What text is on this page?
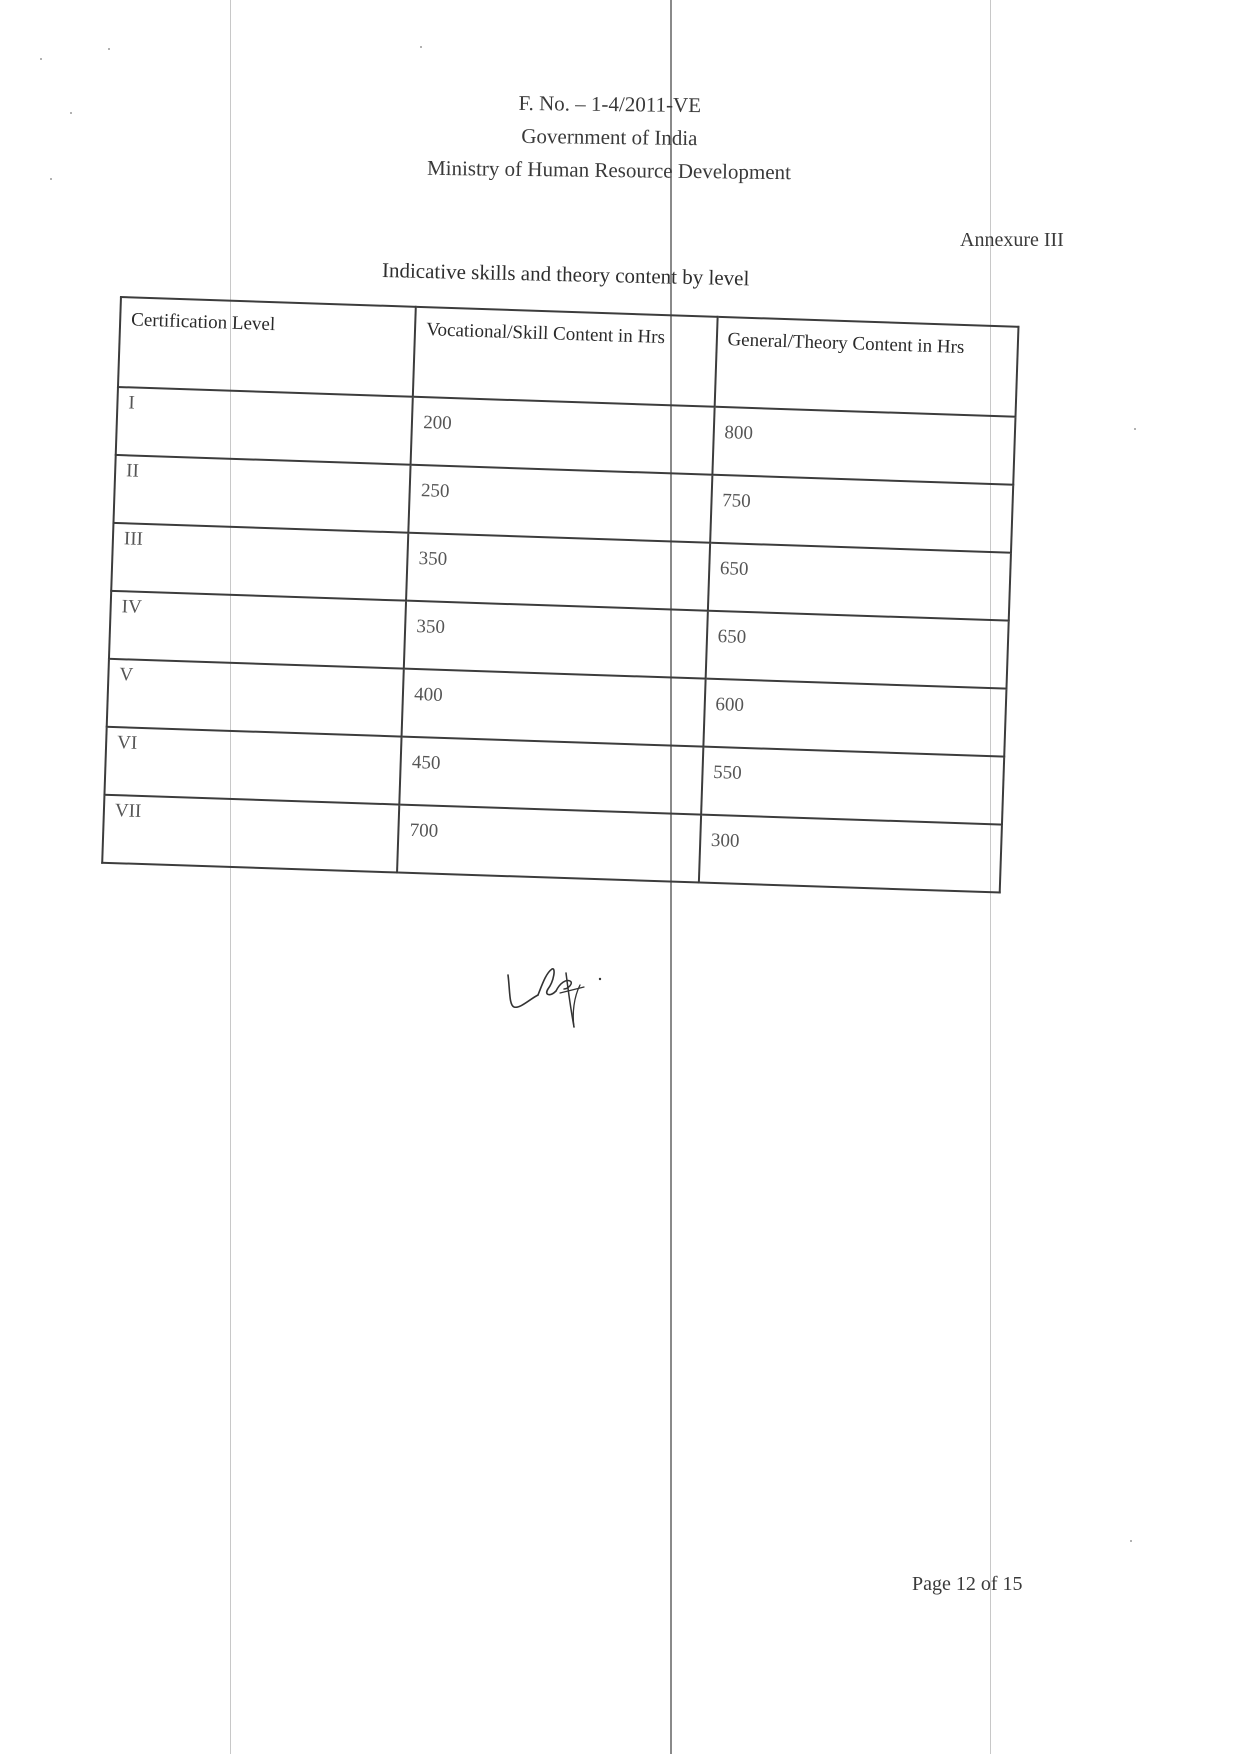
F. No. – 1-4/2011-VE
Government of India
Ministry of Human Resource Development
Annexure III
Indicative skills and theory content by level
Certification Level	Vocational/Skill Content in Hrs	General/Theory Content in Hrs
I	200	800
II	250	750
III	350	650
IV	350	650
V	400	600
VI	450	550
VII	700	300
Page 12 of 15
